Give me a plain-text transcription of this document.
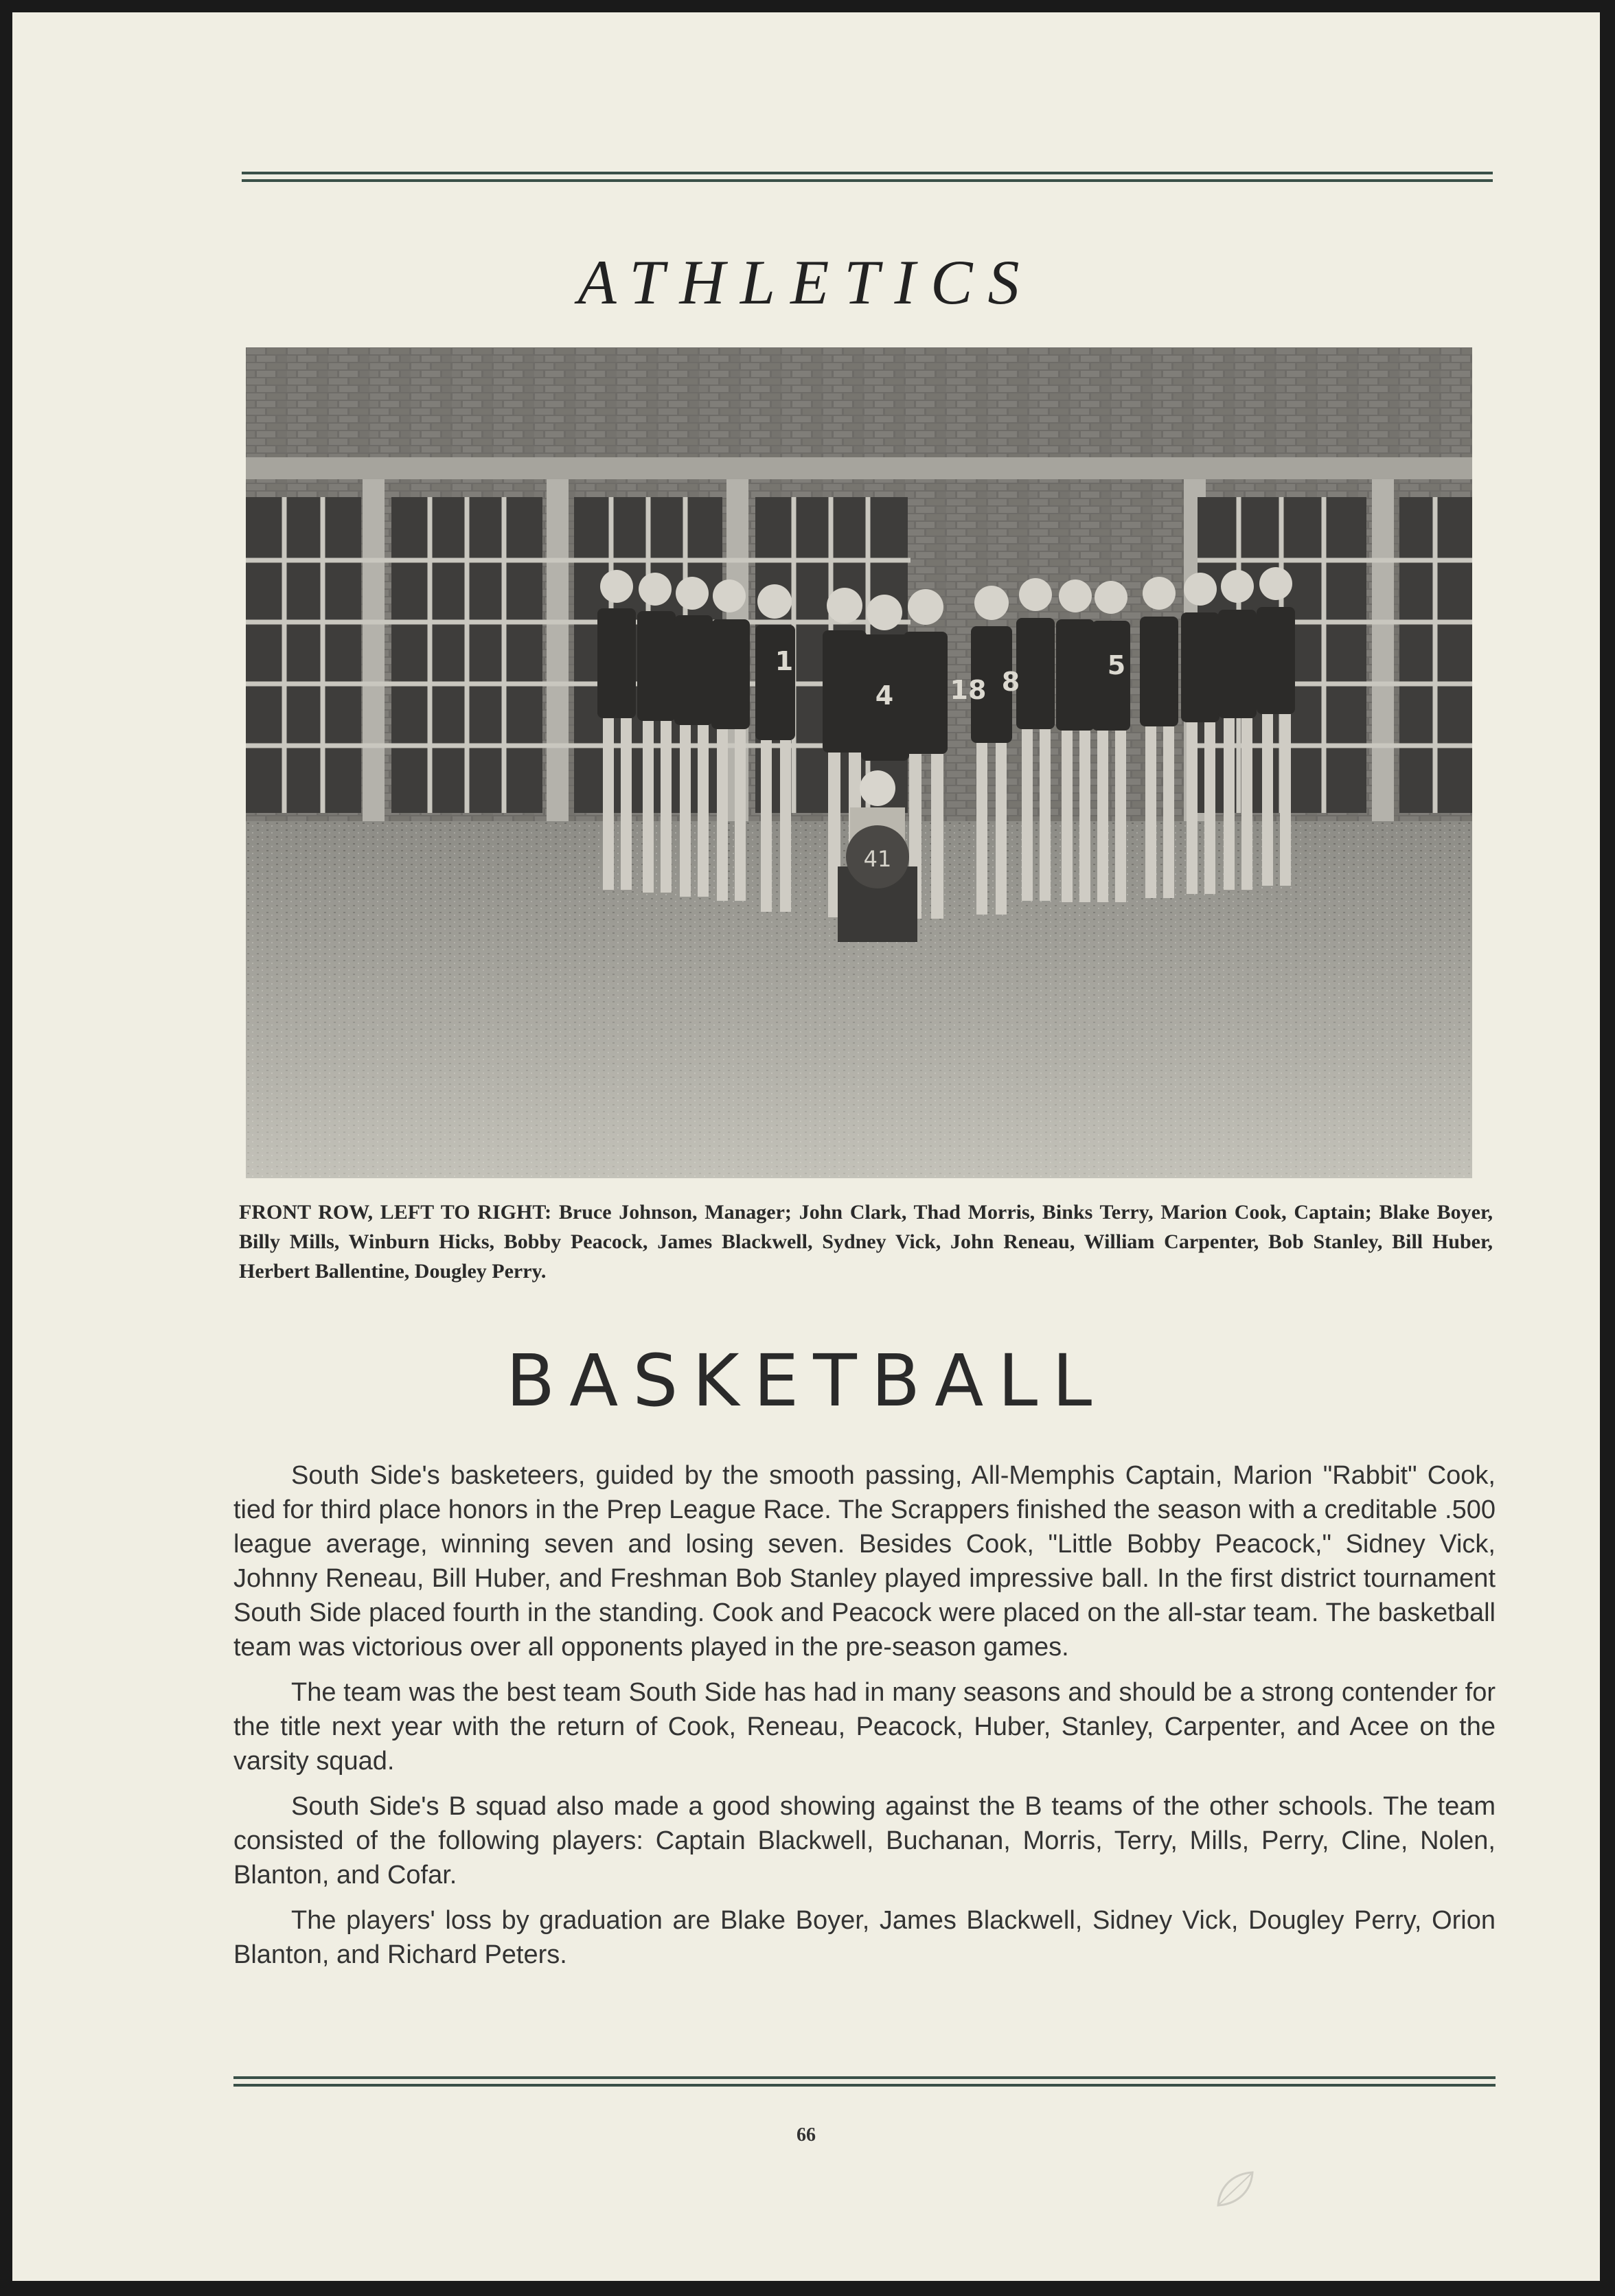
ATHLETICS
1
4 18 8
5
41
FRONT ROW, LEFT TO RIGHT: Bruce Johnson, Manager; John Clark, Thad Morris, Binks Terry, Marion Cook, Captain; Blake Boyer, Billy Mills, Winburn Hicks, Bobby Peacock, James Blackwell, Sydney Vick, John Reneau, William Carpenter, Bob Stanley, Bill Huber, Herbert Ballentine, Dougley Perry.
BASKETBALL

South Side's basketeers, guided by the smooth passing, All-Memphis Captain, Marion "Rabbit" Cook, tied for third place honors in the Prep League Race. The Scrappers finished the season with a creditable .500 league average, winning seven and losing seven. Besides Cook, "Little Bobby Peacock," Sidney Vick, Johnny Reneau, Bill Huber, and Freshman Bob Stanley played impressive ball. In the first district tournament South Side placed fourth in the standing. Cook and Peacock were placed on the all-star team. The basketball team was victorious over all opponents played in the pre-season games.

The team was the best team South Side has had in many seasons and should be a strong contender for the title next year with the return of Cook, Reneau, Peacock, Huber, Stanley, Carpenter, and Acee on the varsity squad.

South Side's B squad also made a good showing against the B teams of the other schools. The team consisted of the following players: Captain Blackwell, Buchanan, Morris, Terry, Mills, Perry, Cline, Nolen, Blanton, and Cofar.

The players' loss by graduation are Blake Boyer, James Blackwell, Sidney Vick, Dougley Perry, Orion Blanton, and Richard Peters.

66
